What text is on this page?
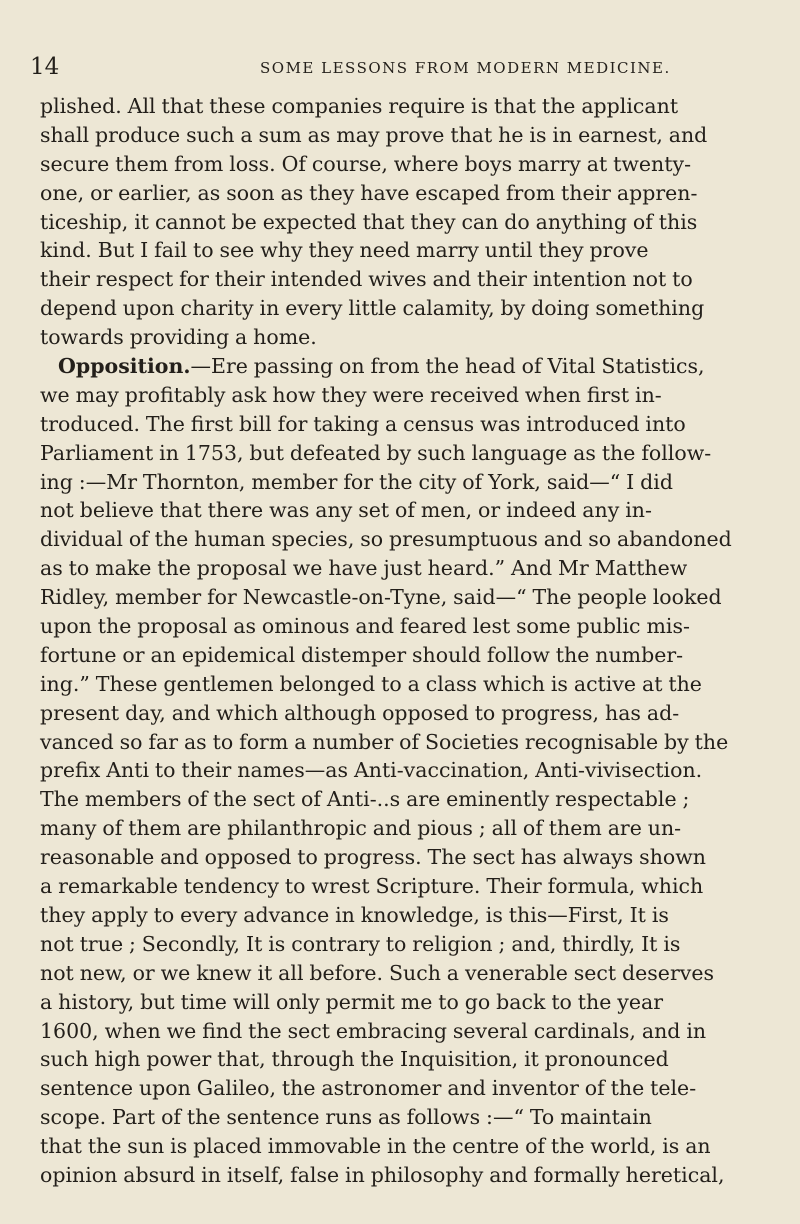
14	SOME LESSONS FROM MODERN MEDICINE.
plished. All that these companies require is that the applicant
shall produce such a sum as may prove that he is in earnest, and
secure them from loss. Of course, where boys marry at twenty-
one, or earlier, as soon as they have escaped from their appren-
ticeship, it cannot be expected that they can do anything of this
kind. But I fail to see why they need marry until they prove
their respect for their intended wives and their intention not to
depend upon charity in every little calamity, by doing something
towards providing a home.
Opposition.—Ere passing on from the head of Vital Statistics,
we may profitably ask how they were received when first in-
troduced. The first bill for taking a census was introduced into
Parliament in 1753, but defeated by such language as the follow-
ing :—Mr Thornton, member for the city of York, said—“ I did
not believe that there was any set of men, or indeed any in-
dividual of the human species, so presumptuous and so abandoned
as to make the proposal we have just heard.” And Mr Matthew
Ridley, member for Newcastle-on-Tyne, said—“ The people looked
upon the proposal as ominous and feared lest some public mis-
fortune or an epidemical distemper should follow the number-
ing.” These gentlemen belonged to a class which is active at the
present day, and which although opposed to progress, has ad-
vanced so far as to form a number of Societies recognisable by the
prefix Anti to their names—as Anti-vaccination, Anti-vivisection.
The members of the sect of Anti-..s are eminently respectable ;
many of them are philanthropic and pious ; all of them are un-
reasonable and opposed to progress. The sect has always shown
a remarkable tendency to wrest Scripture. Their formula, which
they apply to every advance in knowledge, is this—First, It is
not true ; Secondly, It is contrary to religion ; and, thirdly, It is
not new, or we knew it all before. Such a venerable sect deserves
a history, but time will only permit me to go back to the year
1600, when we find the sect embracing several cardinals, and in
such high power that, through the Inquisition, it pronounced
sentence upon Galileo, the astronomer and inventor of the tele-
scope. Part of the sentence runs as follows :—“ To maintain
that the sun is placed immovable in the centre of the world, is an
opinion absurd in itself, false in philosophy and formally heretical,
